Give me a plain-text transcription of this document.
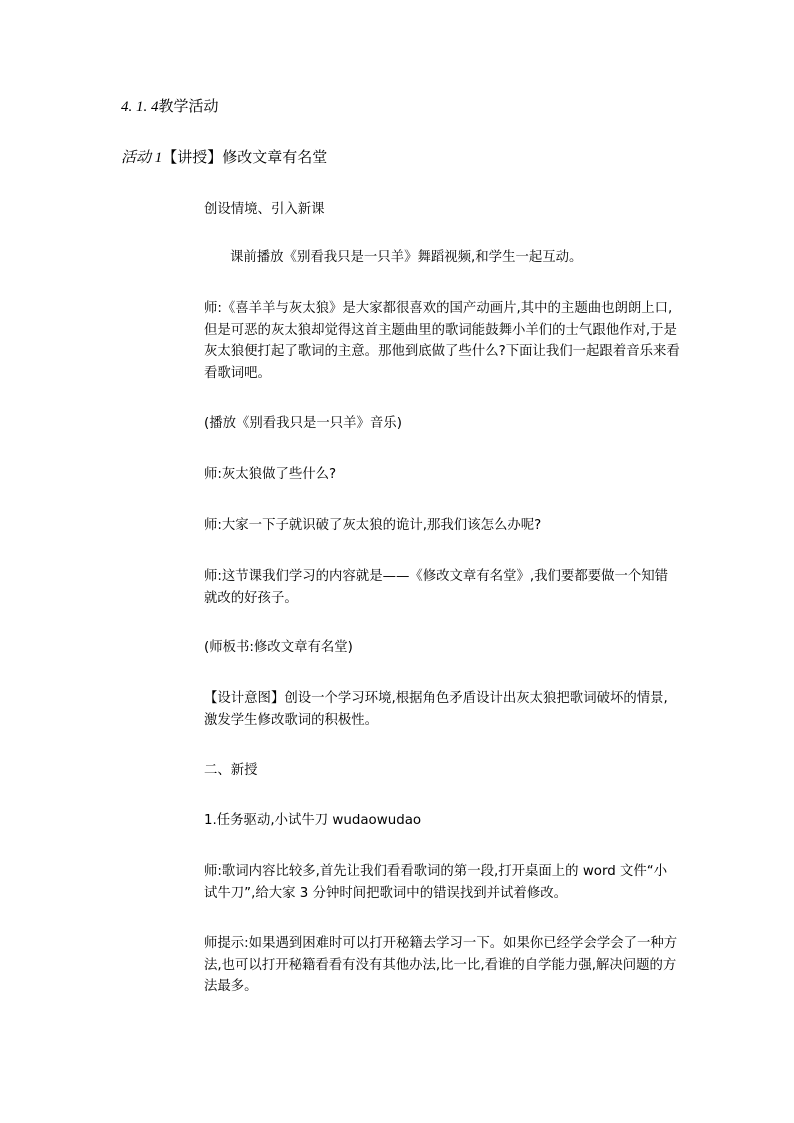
4. 1. 4教学活动
活动 1【讲授】修改文章有名堂

创设情境、引入新课

课前播放《别看我只是一只羊》舞蹈视频,和学生一起互动。

师:《喜羊羊与灰太狼》是大家都很喜欢的国产动画片,其中的主题曲也朗朗上口,但是可恶的灰太狼却觉得这首主题曲里的歌词能鼓舞小羊们的士气跟他作对,于是灰太狼便打起了歌词的主意。那他到底做了些什么?下面让我们一起跟着音乐来看看歌词吧。

(播放《别看我只是一只羊》音乐)

师:灰太狼做了些什么?

师:大家一下子就识破了灰太狼的诡计,那我们该怎么办呢?

师:这节课我们学习的内容就是——《修改文章有名堂》,我们要都要做一个知错就改的好孩子。

(师板书:修改文章有名堂)

【设计意图】创设一个学习环境,根据角色矛盾设计出灰太狼把歌词破坏的情景,激发学生修改歌词的积极性。

二、新授

1.任务驱动,小试牛刀 wudaowudao

师:歌词内容比较多,首先让我们看看歌词的第一段,打开桌面上的 word 文件“小试牛刀”,给大家 3 分钟时间把歌词中的错误找到并试着修改。

师提示:如果遇到困难时可以打开秘籍去学习一下。如果你已经学会学会了一种方法,也可以打开秘籍看看有没有其他办法,比一比,看谁的自学能力强,解决问题的方法最多。
